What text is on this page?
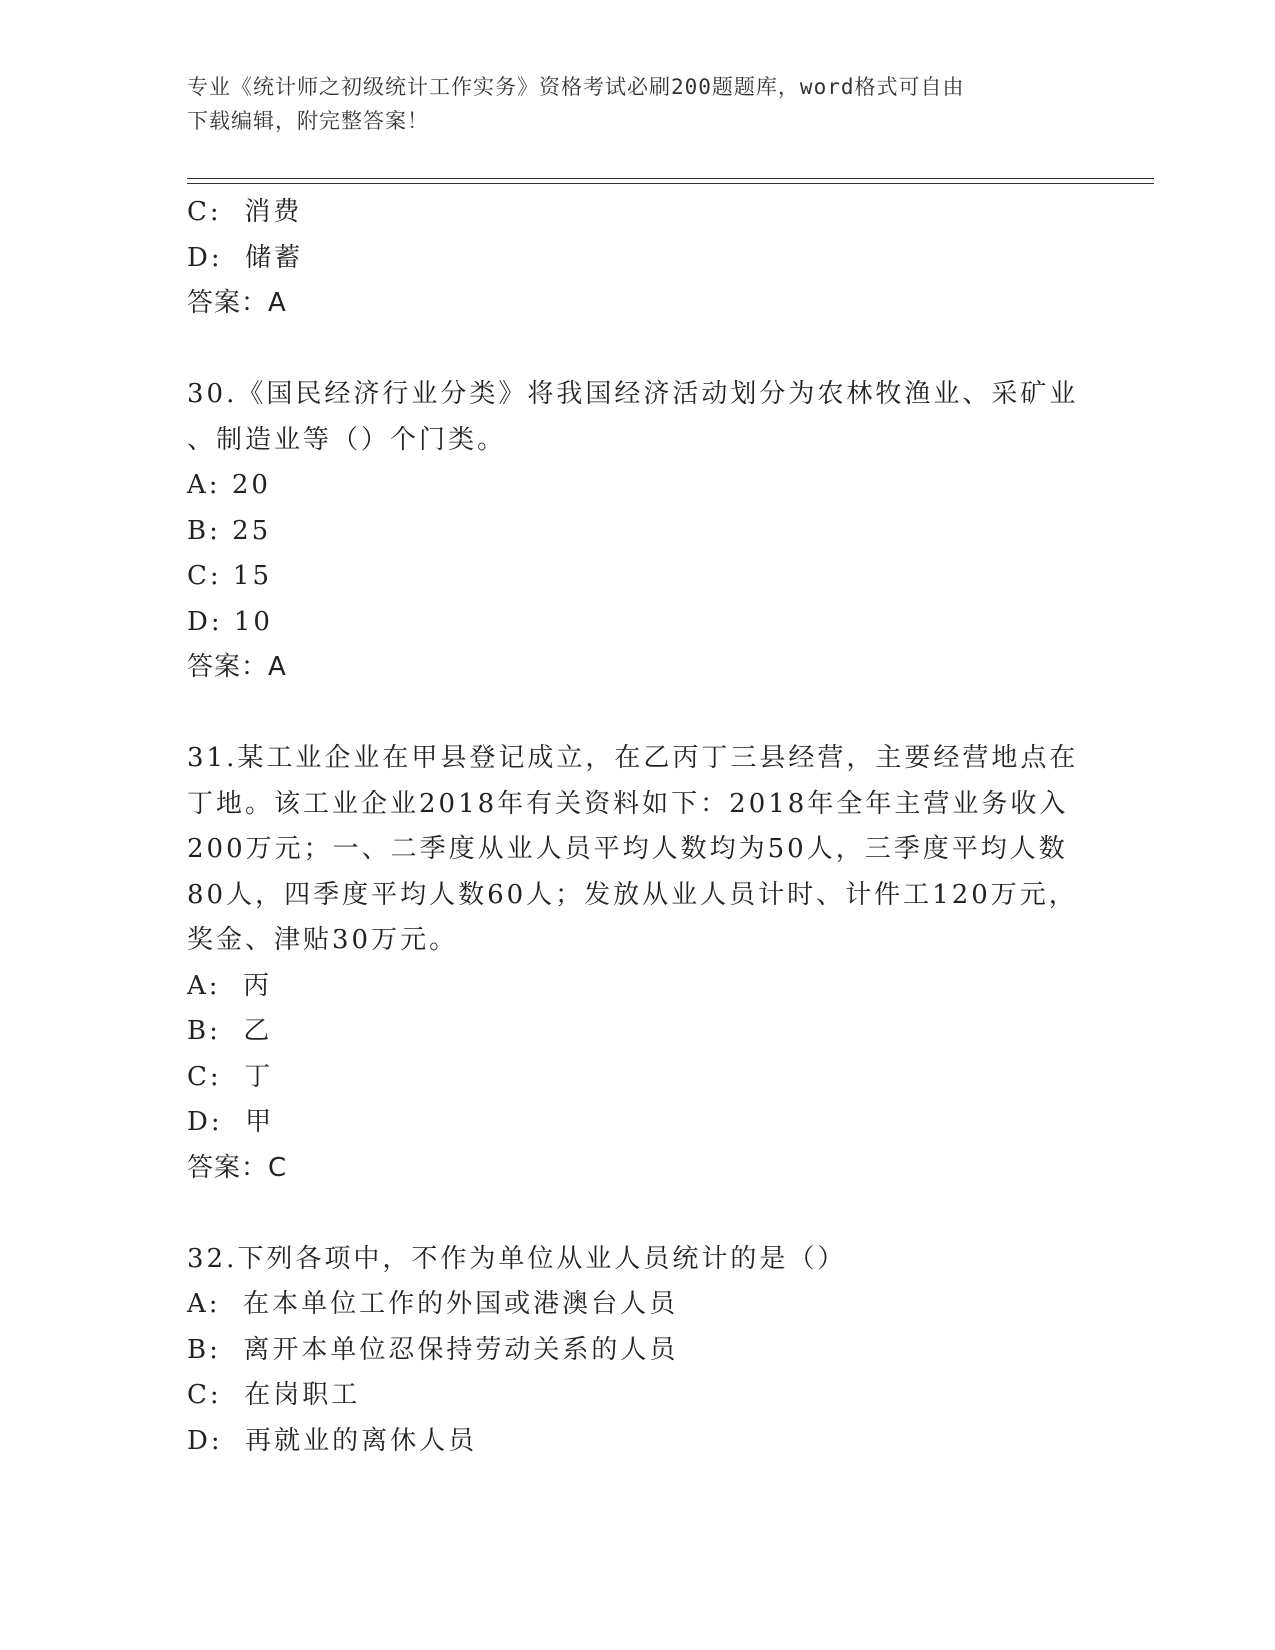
专业《统计师之初级统计工作实务》资格考试必刷200题题库，word格式可自由
下载编辑，附完整答案！
C: 消费
D: 储蓄
答案：A
30.《国民经济行业分类》将我国经济活动划分为农林牧渔业、采矿业
、制造业等（）个门类。
A: 20
B: 25
C: 15
D: 10
答案：A
31.某工业企业在甲县登记成立，在乙丙丁三县经营，主要经营地点在
丁地。该工业企业2018年有关资料如下：2018年全年主营业务收入
200万元；一、二季度从业人员平均人数均为50人，三季度平均人数
80人，四季度平均人数60人；发放从业人员计时、计件工120万元，
奖金、津贴30万元。
A: 丙
B: 乙
C: 丁
D: 甲
答案：C
32.下列各项中，不作为单位从业人员统计的是（）
A: 在本单位工作的外国或港澳台人员
B: 离开本单位忍保持劳动关系的人员
C: 在岗职工
D: 再就业的离休人员
